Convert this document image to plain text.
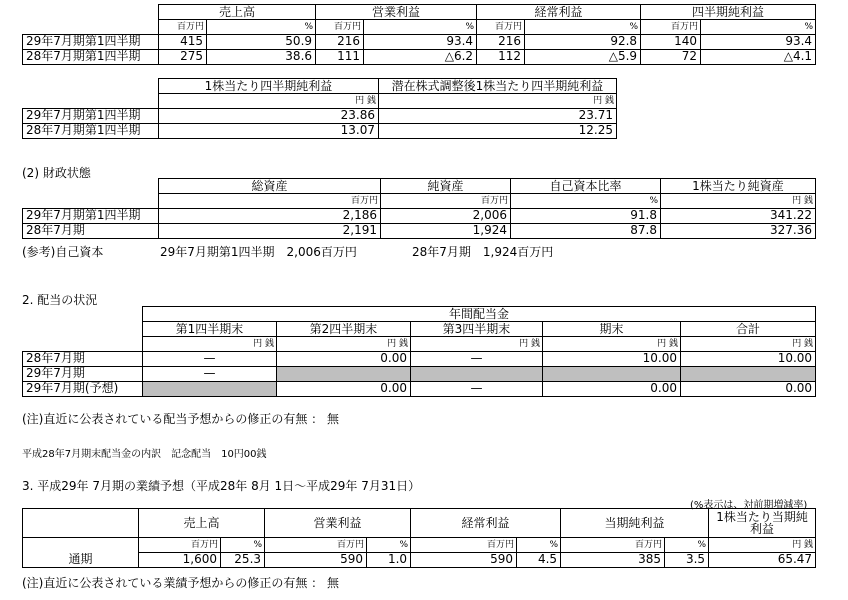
	売上高		営業利益		経常利益		四半期純利益	
	百万円	%	百万円	%	百万円	%	百万円	%
29年7月期第1四半期	415	50.9	216	93.4	216	92.8	140	93.4
28年7月期第1四半期	275	38.6	111	△6.2	112	△5.9	72	△4.1
	1株当たり四半期純利益	潜在株式調整後1株当たり四半期純利益
	円 銭	円 銭
29年7月期第1四半期	23.86	23.71
28年7月期第1四半期	13.07	12.25
(2) 財政状態
	総資産	純資産	自己資本比率	1株当たり純資産
	百万円	百万円	%	円 銭
29年7月期第1四半期	2,186	2,006	91.8	341.22
28年7月期	2,191	1,924	87.8	327.36
(参考)自己資本	29年7月期第1四半期　2,006百万円	28年7月期　1,924百万円
2. 配当の状況
	年間配当金				
	第1四半期末	第2四半期末	第3四半期末	期末	合計
	円 銭	円 銭	円 銭	円 銭	円 銭
28年7月期	—	0.00	—	10.00	10.00
29年7月期	—				
29年7月期(予想)		0.00	—	0.00	0.00
(注)直近に公表されている配当予想からの修正の有無 ： 無
平成28年7月期末配当金の内訳　記念配当　10円00銭
3. 平成29年 7月期の業績予想（平成28年 8月 1日～平成29年 7月31日）
(%表示は、対前期増減率)
	売上高		営業利益		経常利益		当期純利益		1株当たり当期純利益
	百万円	%	百万円	%	百万円	%	百万円	%	円 銭
通期	1,600	25.3	590	1.0	590	4.5	385	3.5	65.47
(注)直近に公表されている業績予想からの修正の有無 ： 無
